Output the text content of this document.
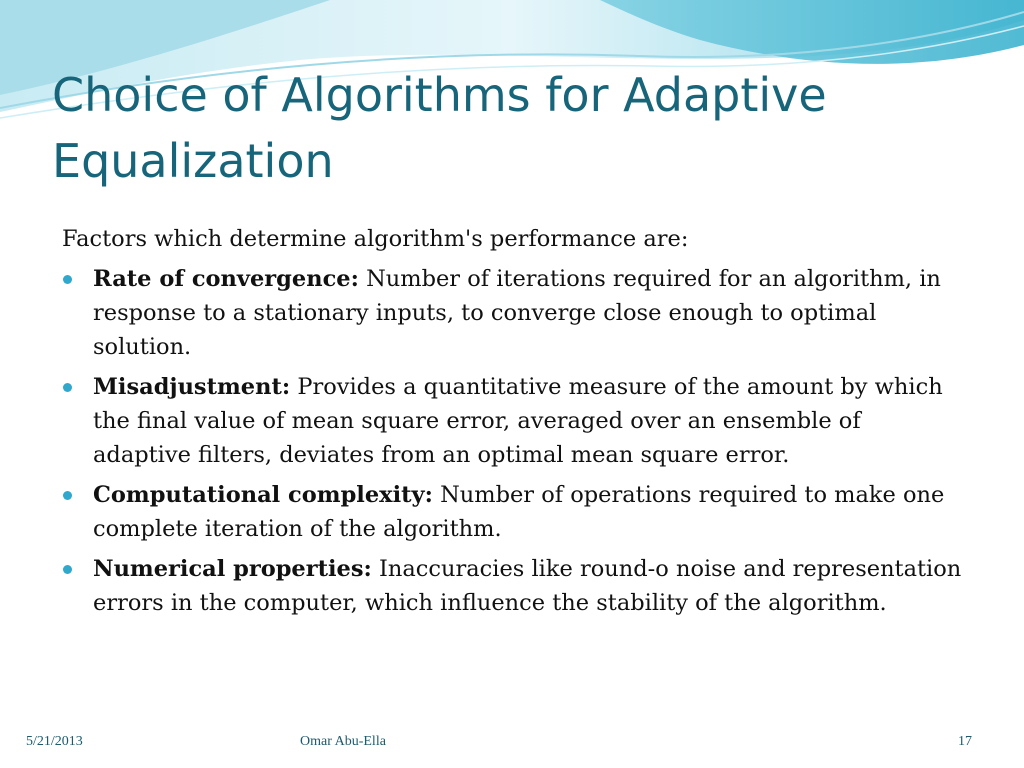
Choice of Algorithms for Adaptive Equalization

Factors which determine algorithm's performance are:

Rate of convergence: Number of iterations required for an algorithm, in response to a stationary inputs, to converge close enough to optimal solution.
Misadjustment: Provides a quantitative measure of the amount by which the final value of mean square error, averaged over an ensemble of adaptive filters, deviates from an optimal mean square error.
Computational complexity: Number of operations required to make one complete iteration of the algorithm.
Numerical properties: Inaccuracies like round-o noise and representation errors in the computer, which influence the stability of the algorithm.
5/21/2013	Omar Abu-Ella	17
